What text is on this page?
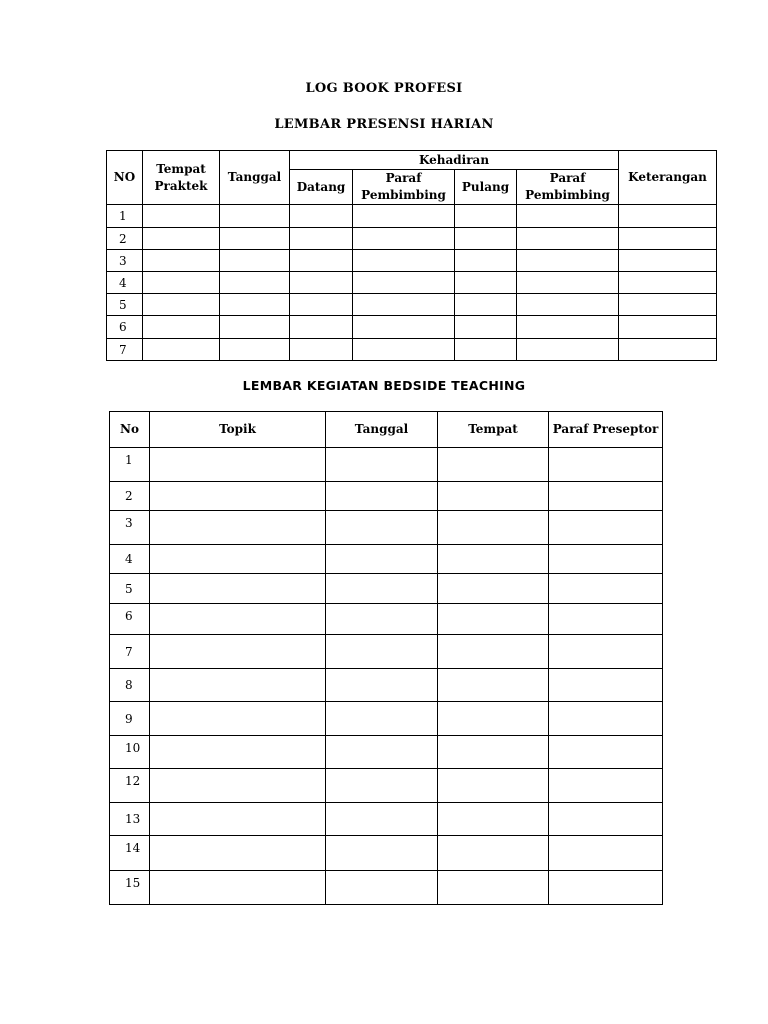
LOG BOOK PROFESI
LEMBAR PRESENSI HARIAN
NO	Tempat Praktek	Tanggal	Kehadiran				Keterangan
			Datang	Paraf Pembimbing	Pulang	Paraf Pembimbing	
1							
2							
3							
4							
5							
6							
7							
LEMBAR KEGIATAN BEDSIDE TEACHING
No	Topik	Tanggal	Tempat	Paraf Preseptor
1				
2				
3				
4				
5				
6				
7				
8				
9				
10				
12				
13				
14				
15				
